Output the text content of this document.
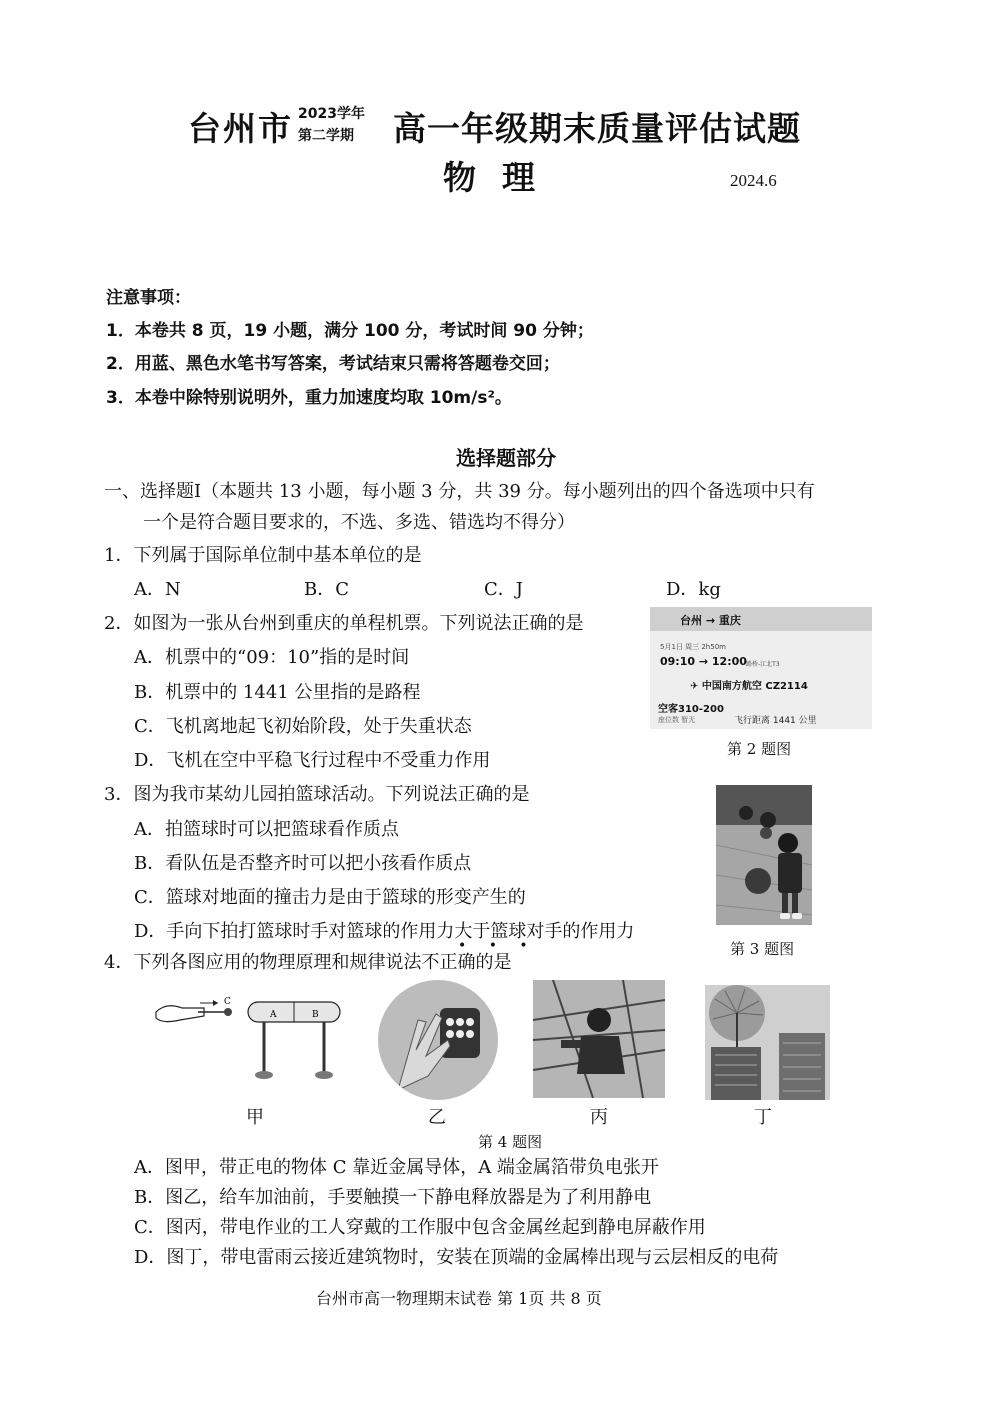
台州市 2023学年
第二学期	高一年级期末质量评估试题
物理	2024.6
注意事项：
1．本卷共 8 页，19 小题，满分 100 分，考试时间 90 分钟；
2．用蓝、黑色水笔书写答案，考试结束只需将答题卷交回；
3．本卷中除特别说明外，重力加速度均取 10m/s²。
选择题部分
一、选择题Ⅰ（本题共 13 小题，每小题 3 分，共 39 分。每小题列出的四个备选项中只有
一个是符合题目要求的，不选、多选、错选均不得分）
1．下列属于国际单位制中基本单位的是
A．N	B．C	C．J	D．kg
2．如图为一张从台州到重庆的单程机票。下列说法正确的是
A．机票中的“09：10”指的是时间
B．机票中的 1441 公里指的是路程
C．飞机离地起飞初始阶段，处于失重状态
D．飞机在空中平稳飞行过程中不受重力作用
台州 → 重庆
5月1日 周三 2h50m
09:10 → 12:00 路桥-江北T3
✈ 中国南方航空 CZ2114
空客310-200
座位数 暂无	飞行距离 1441 公里
第 2 题图
3．图为我市某幼儿园拍篮球活动。下列说法正确的是
A．拍篮球时可以把篮球看作质点
B．看队伍是否整齐时可以把小孩看作质点
C．篮球对地面的撞击力是由于篮球的形变产生的
D．手向下拍打篮球时手对篮球的作用力大于篮球对手的作用力
第 3 题图
4．下列各图应用的物理原理和规律说法不正确的是
• • •
C
A	B
甲	乙	丙	丁
第 4 题图
A．图甲，带正电的物体 C 靠近金属导体，A 端金属箔带负电张开
B．图乙，给车加油前，手要触摸一下静电释放器是为了利用静电
C．图丙，带电作业的工人穿戴的工作服中包含金属丝起到静电屏蔽作用
D．图丁，带电雷雨云接近建筑物时，安装在顶端的金属棒出现与云层相反的电荷
台州市高一物理期末试卷 第 1页 共 8 页
